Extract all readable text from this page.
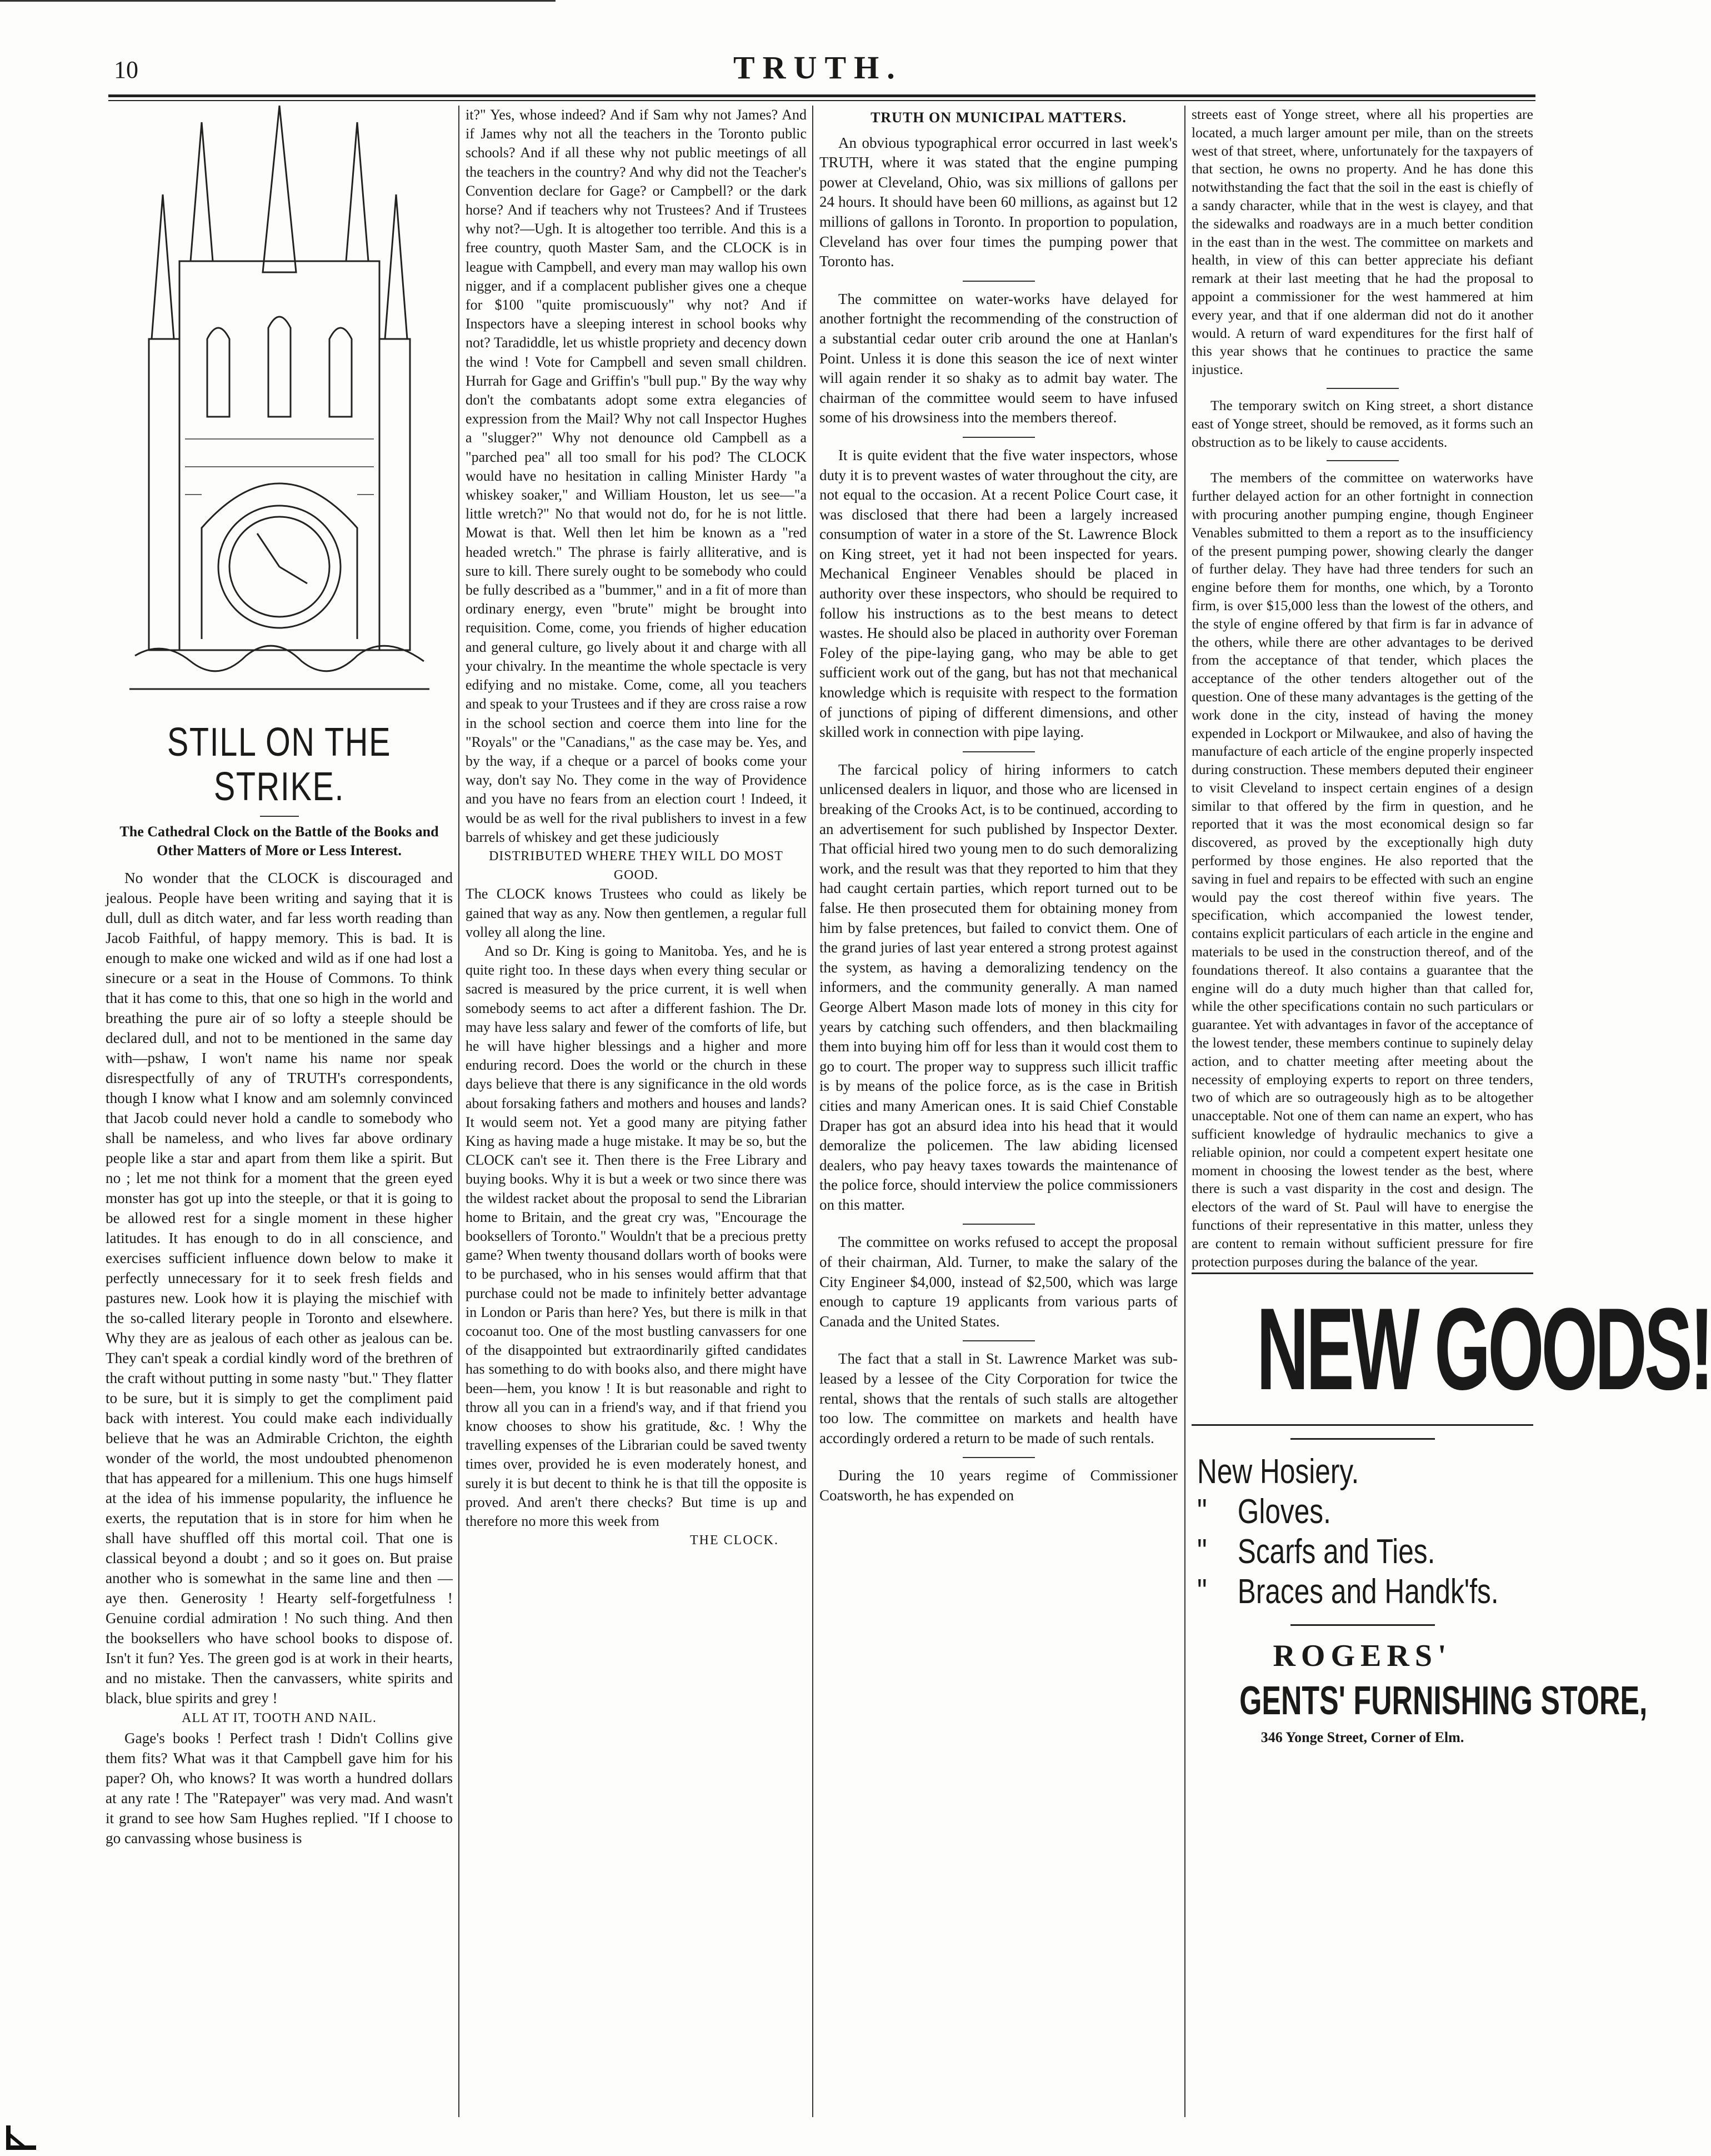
10	TRUTH.
STILL ON THE STRIKE.
The Cathedral Clock on the Battle of the Books and Other Matters of More or Less Interest.

No wonder that the CLOCK is discouraged and jealous. People have been writing and saying that it is dull, dull as ditch water, and far less worth reading than Jacob Faithful, of happy memory. This is bad. It is enough to make one wicked and wild as if one had lost a sinecure or a seat in the House of Commons. To think that it has come to this, that one so high in the world and breathing the pure air of so lofty a steeple should be declared dull, and not to be mentioned in the same day with—pshaw, I won't name his name nor speak disrespectfully of any of TRUTH's correspondents, though I know what I know and am solemnly convinced that Jacob could never hold a candle to somebody who shall be nameless, and who lives far above ordinary people like a star and apart from them like a spirit. But no ; let me not think for a moment that the green eyed monster has got up into the steeple, or that it is going to be allowed rest for a single moment in these higher latitudes. It has enough to do in all conscience, and exercises sufficient influence down below to make it perfectly unnecessary for it to seek fresh fields and pastures new. Look how it is playing the mischief with the so-called literary people in Toronto and elsewhere. Why they are as jealous of each other as jealous can be. They can't speak a cordial kindly word of the brethren of the craft without putting in some nasty "but." They flatter to be sure, but it is simply to get the compliment paid back with interest. You could make each individually believe that he was an Admirable Crichton, the eighth wonder of the world, the most undoubted phenomenon that has appeared for a millenium. This one hugs himself at the idea of his immense popularity, the influence he exerts, the reputation that is in store for him when he shall have shuffled off this mortal coil. That one is classical beyond a doubt ; and so it goes on. But praise another who is somewhat in the same line and then —aye then. Generosity ! Hearty self-forgetfulness ! Genuine cordial admiration ! No such thing. And then the booksellers who have school books to dispose of. Isn't it fun? Yes. The green god is at work in their hearts, and no mistake. Then the canvassers, white spirits and black, blue spirits and grey !

ALL AT IT, TOOTH AND NAIL.

Gage's books ! Perfect trash ! Didn't Collins give them fits? What was it that Campbell gave him for his paper? Oh, who knows? It was worth a hundred dollars at any rate ! The "Ratepayer" was very mad. And wasn't it grand to see how Sam Hughes replied. "If I choose to go canvassing whose business is

it?" Yes, whose indeed? And if Sam why not James? And if James why not all the teachers in the Toronto public schools? And if all these why not public meetings of all the teachers in the country? And why did not the Teacher's Convention declare for Gage? or Campbell? or the dark horse? And if teachers why not Trustees? And if Trustees why not?—Ugh. It is altogether too terrible. And this is a free country, quoth Master Sam, and the CLOCK is in league with Campbell, and every man may wallop his own nigger, and if a complacent publisher gives one a cheque for $100 "quite promiscuously" why not? And if Inspectors have a sleeping interest in school books why not? Taradiddle, let us whistle propriety and decency down the wind ! Vote for Campbell and seven small children. Hurrah for Gage and Griffin's "bull pup." By the way why don't the combatants adopt some extra elegancies of expression from the Mail? Why not call Inspector Hughes a "slugger?" Why not denounce old Campbell as a "parched pea" all too small for his pod? The CLOCK would have no hesitation in calling Minister Hardy "a whiskey soaker," and William Houston, let us see—"a little wretch?" No that would not do, for he is not little. Mowat is that. Well then let him be known as a "red headed wretch." The phrase is fairly alliterative, and is sure to kill. There surely ought to be somebody who could be fully described as a "bummer," and in a fit of more than ordinary energy, even "brute" might be brought into requisition. Come, come, you friends of higher education and general culture, go lively about it and charge with all your chivalry. In the meantime the whole spectacle is very edifying and no mistake. Come, come, all you teachers and speak to your Trustees and if they are cross raise a row in the school section and coerce them into line for the "Royals" or the "Canadians," as the case may be. Yes, and by the way, if a cheque or a parcel of books come your way, don't say No. They come in the way of Providence and you have no fears from an election court ! Indeed, it would be as well for the rival publishers to invest in a few barrels of whiskey and get these judiciously

DISTRIBUTED WHERE THEY WILL DO MOST GOOD.

The CLOCK knows Trustees who could as likely be gained that way as any. Now then gentlemen, a regular full volley all along the line.

And so Dr. King is going to Manitoba. Yes, and he is quite right too. In these days when every thing secular or sacred is measured by the price current, it is well when somebody seems to act after a different fashion. The Dr. may have less salary and fewer of the comforts of life, but he will have higher blessings and a higher and more enduring record. Does the world or the church in these days believe that there is any significance in the old words about forsaking fathers and mothers and houses and lands? It would seem not. Yet a good many are pitying father King as having made a huge mistake. It may be so, but the CLOCK can't see it. Then there is the Free Library and buying books. Why it is but a week or two since there was the wildest racket about the proposal to send the Librarian home to Britain, and the great cry was, "Encourage the booksellers of Toronto." Wouldn't that be a precious pretty game? When twenty thousand dollars worth of books were to be purchased, who in his senses would affirm that that purchase could not be made to infinitely better advantage in London or Paris than here? Yes, but there is milk in that cocoanut too. One of the most bustling canvassers for one of the disappointed but extraordinarily gifted candidates has something to do with books also, and there might have been—hem, you know ! It is but reasonable and right to throw all you can in a friend's way, and if that friend you know chooses to show his gratitude, &c. ! Why the travelling expenses of the Librarian could be saved twenty times over, provided he is even moderately honest, and surely it is but decent to think he is that till the opposite is proved. And aren't there checks? But time is up and therefore no more this week from

THE CLOCK.
TRUTH ON MUNICIPAL MATTERS.

An obvious typographical error occurred in last week's TRUTH, where it was stated that the engine pumping power at Cleveland, Ohio, was six millions of gallons per 24 hours. It should have been 60 millions, as against but 12 millions of gallons in Toronto. In proportion to population, Cleveland has over four times the pumping power that Toronto has.

The committee on water-works have delayed for another fortnight the recommending of the construction of a substantial cedar outer crib around the one at Hanlan's Point. Unless it is done this season the ice of next winter will again render it so shaky as to admit bay water. The chairman of the committee would seem to have infused some of his drowsiness into the members thereof.

It is quite evident that the five water inspectors, whose duty it is to prevent wastes of water throughout the city, are not equal to the occasion. At a recent Police Court case, it was disclosed that there had been a largely increased consumption of water in a store of the St. Lawrence Block on King street, yet it had not been inspected for years. Mechanical Engineer Venables should be placed in authority over these inspectors, who should be required to follow his instructions as to the best means to detect wastes. He should also be placed in authority over Foreman Foley of the pipe-laying gang, who may be able to get sufficient work out of the gang, but has not that mechanical knowledge which is requisite with respect to the formation of junctions of piping of different dimensions, and other skilled work in connection with pipe laying.

The farcical policy of hiring informers to catch unlicensed dealers in liquor, and those who are licensed in breaking of the Crooks Act, is to be continued, according to an advertisement for such published by Inspector Dexter. That official hired two young men to do such demoralizing work, and the result was that they reported to him that they had caught certain parties, which report turned out to be false. He then prosecuted them for obtaining money from him by false pretences, but failed to convict them. One of the grand juries of last year entered a strong protest against the system, as having a demoralizing tendency on the informers, and the community generally. A man named George Albert Mason made lots of money in this city for years by catching such offenders, and then blackmailing them into buying him off for less than it would cost them to go to court. The proper way to suppress such illicit traffic is by means of the police force, as is the case in British cities and many American ones. It is said Chief Constable Draper has got an absurd idea into his head that it would demoralize the policemen. The law abiding licensed dealers, who pay heavy taxes towards the maintenance of the police force, should interview the police commissioners on this matter.

The committee on works refused to accept the proposal of their chairman, Ald. Turner, to make the salary of the City Engineer $4,000, instead of $2,500, which was large enough to capture 19 applicants from various parts of Canada and the United States.

The fact that a stall in St. Lawrence Market was sub-leased by a lessee of the City Corporation for twice the rental, shows that the rentals of such stalls are altogether too low. The committee on markets and health have accordingly ordered a return to be made of such rentals.

During the 10 years regime of Commissioner Coatsworth, he has expended on

streets east of Yonge street, where all his properties are located, a much larger amount per mile, than on the streets west of that street, where, unfortunately for the taxpayers of that section, he owns no property. And he has done this notwithstanding the fact that the soil in the east is chiefly of a sandy character, while that in the west is clayey, and that the sidewalks and roadways are in a much better condition in the east than in the west. The committee on markets and health, in view of this can better appreciate his defiant remark at their last meeting that he had the proposal to appoint a commissioner for the west hammered at him every year, and that if one alderman did not do it another would. A return of ward expenditures for the first half of this year shows that he continues to practice the same injustice.

The temporary switch on King street, a short distance east of Yonge street, should be removed, as it forms such an obstruction as to be likely to cause accidents.

The members of the committee on waterworks have further delayed action for an other fortnight in connection with procuring another pumping engine, though Engineer Venables submitted to them a report as to the insufficiency of the present pumping power, showing clearly the danger of further delay. They have had three tenders for such an engine before them for months, one which, by a Toronto firm, is over $15,000 less than the lowest of the others, and the style of engine offered by that firm is far in advance of the others, while there are other advantages to be derived from the acceptance of that tender, which places the acceptance of the other tenders altogether out of the question. One of these many advantages is the getting of the work done in the city, instead of having the money expended in Lockport or Milwaukee, and also of having the manufacture of each article of the engine properly inspected during construction. These members deputed their engineer to visit Cleveland to inspect certain engines of a design similar to that offered by the firm in question, and he reported that it was the most economical design so far discovered, as proved by the exceptionally high duty performed by those engines. He also reported that the saving in fuel and repairs to be effected with such an engine would pay the cost thereof within five years. The specification, which accompanied the lowest tender, contains explicit particulars of each article in the engine and materials to be used in the construction thereof, and of the foundations thereof. It also contains a guarantee that the engine will do a duty much higher than that called for, while the other specifications contain no such particulars or guarantee. Yet with advantages in favor of the acceptance of the lowest tender, these members continue to supinely delay action, and to chatter meeting after meeting about the necessity of employing experts to report on three tenders, two of which are so outrageously high as to be altogether unacceptable. Not one of them can name an expert, who has sufficient knowledge of hydraulic mechanics to give a reliable opinion, nor could a competent expert hesitate one moment in choosing the lowest tender as the best, where there is such a vast disparity in the cost and design. The electors of the ward of St. Paul will have to energise the functions of their representative in this matter, unless they are content to remain without sufficient pressure for fire protection purposes during the balance of the year.

NEW GOODS!
New Hosiery.
" Gloves.
" Scarfs and Ties.
" Braces and Handk'fs.
ROGERS'
GENTS' FURNISHING STORE,
346 Yonge Street, Corner of Elm.
